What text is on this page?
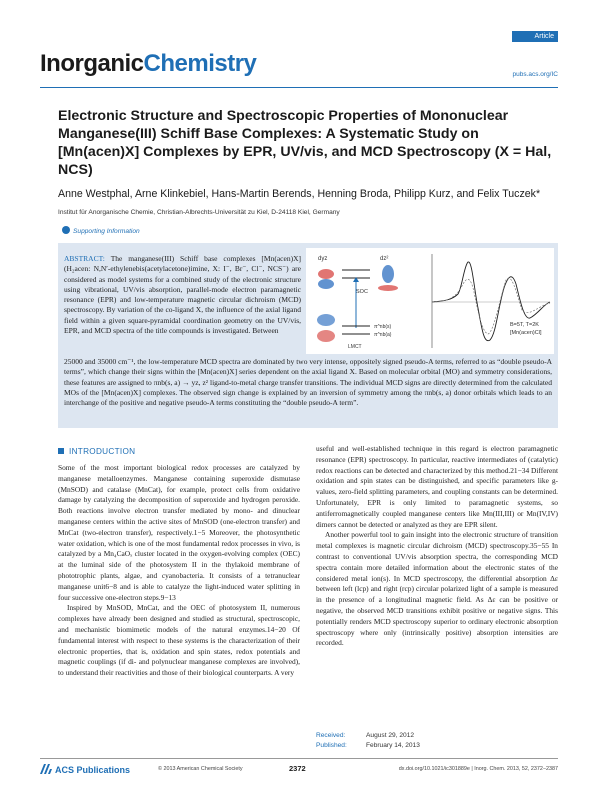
Article
InorganicChemistry	pubs.acs.org/IC
Electronic Structure and Spectroscopic Properties of Mononuclear Manganese(III) Schiff Base Complexes: A Systematic Study on [Mn(acen)X] Complexes by EPR, UV/vis, and MCD Spectroscopy (X = Hal, NCS)
Anne Westphal, Arne Klinkebiel, Hans-Martin Berends, Henning Broda, Philipp Kurz, and Felix Tuczek*
Institut für Anorganische Chemie, Christian-Albrechts-Universität zu Kiel, D-24118 Kiel, Germany
Supporting Information
ABSTRACT: The manganese(III) Schiff base complexes [Mn(acen)X] (H₂acen: N,N′-ethylenebis(acetylacetone)imine, X: I⁻, Br⁻, Cl⁻, NCS⁻) are considered as model systems for a combined study of the electronic structure using vibrational, UV/vis absorption, parallel-mode electron paramagnetic resonance (EPR) and low-temperature magnetic circular dichroism (MCD) spectroscopy. By variation of the co-ligand X, the influence of the axial ligand field within a given square-pyramidal coordination geometry on the UV/vis, EPR, and MCD spectra of the title compounds is investigated. Between
dyz	dz²
SOC
π^nb(s)
π^nb(a)
LMCT
B=5T, T=2K
[Mn(acen)Cl]
25000 and 35000 cm⁻¹, the low-temperature MCD spectra are dominated by two very intense, oppositely signed pseudo-A terms, referred to as “double pseudo-A terms”, which change their signs within the [Mn(acen)X] series dependent on the axial ligand X. Based on molecular orbital (MO) and symmetry considerations, these features are assigned to πnb(s, a) → yz, z² ligand-to-metal charge transfer transitions. The individual MCD signs are directly determined from the calculated MOs of the [Mn(acen)X] complexes. The observed sign change is explained by an inversion of symmetry among the πnb(s, a) donor orbitals which leads to an interchange of the positive and negative pseudo-A terms constituting the “double pseudo-A term”.
INTRODUCTION

Some of the most important biological redox processes are catalyzed by manganese metalloenzymes. Manganese containing superoxide dismutase (MnSOD) and catalase (MnCat), for example, protect cells from oxidative damage by catalyzing the decomposition of superoxide and hydrogen peroxide. Both reactions involve electron transfer mediated by mono- and dinuclear manganese centers within the active sites of MnSOD (one-electron transfer) and MnCat (two-electron transfer), respectively.1−5 Moreover, the photosynthetic water oxidation, which is one of the most fundamental redox processes in vivo, is catalyzed by a Mn₄CaOₓ cluster located in the oxygen-evolving complex (OEC) at the luminal side of the photosystem II in the thylakoid membrane of phototrophic plants, algae, and cyanobacteria. It consists of a tetranuclear manganese unit6−8 and is able to catalyze the light-induced water splitting in four successive one-electron steps.9−13

Inspired by MnSOD, MnCat, and the OEC of photosystem II, numerous complexes have already been designed and studied as structural, spectroscopic, and mechanistic biomimetic models of the natural enzymes.14−20 Of fundamental interest with respect to these systems is the characterization of their electronic properties, that is, oxidation and spin states, redox potentials and magnetic couplings (if di- and polynuclear manganese complexes are involved), to understand their reactivities and those of their biological counterparts. A very

useful and well-established technique in this regard is electron paramagnetic resonance (EPR) spectroscopy. In particular, reactive intermediates of (catalytic) redox reactions can be detected and characterized by this method.21−34 Different oxidation and spin states can be distinguished, and specific parameters like g-values, zero-field splitting parameters, and coupling constants can be determined. Unfortunately, EPR is only limited to paramagnetic systems, so antiferromagnetically coupled manganese centers like Mn(III,III) or Mn(IV,IV) dimers cannot be detected or analyzed as they are EPR silent.

Another powerful tool to gain insight into the electronic structure of transition metal complexes is magnetic circular dichroism (MCD) spectroscopy.35−55 In contrast to conventional UV/vis absorption spectra, the corresponding MCD spectra contain more detailed information about the electronic states of the considered metal ion(s). In MCD spectroscopy, the differential absorption Δε between left (lcp) and right (rcp) circular polarized light of a sample is measured in the presence of a longitudinal magnetic field. As Δε can be positive or negative, the observed MCD transitions exhibit positive or negative signs. This potentially renders MCD spectroscopy superior to ordinary electronic absorption spectroscopy where only (intrinsically positive) absorption intensities are recorded.

Received:	August 29, 2012
Published:	February 14, 2013
ACS Publications	© 2013 American Chemical Society	2372	dx.doi.org/10.1021/ic301889e | Inorg. Chem. 2013, 52, 2372−2387
